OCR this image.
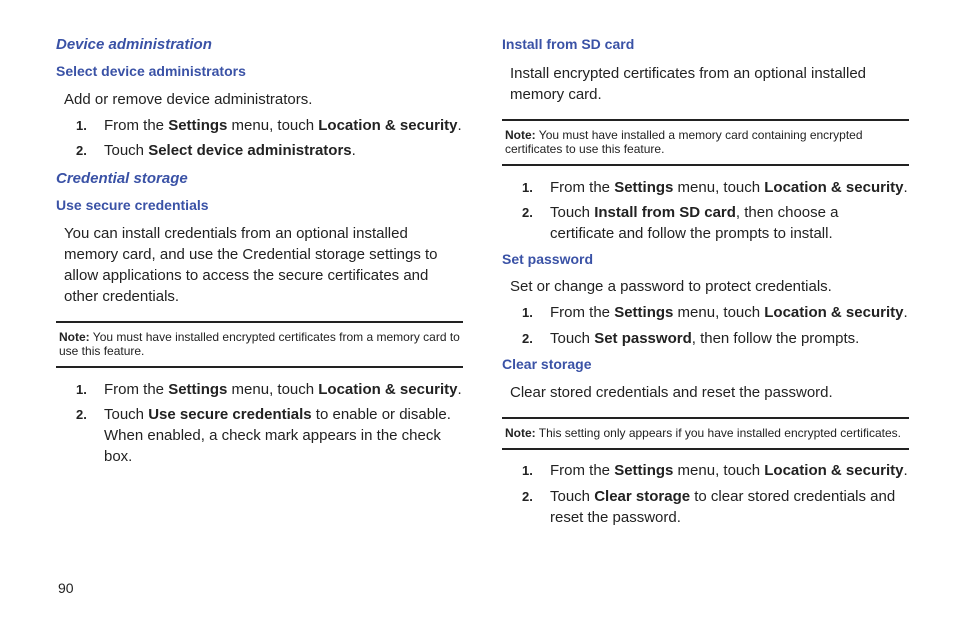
Device administration
Select device administrators
Add or remove device administrators.
1. From the Settings menu, touch Location & security.
2. Touch Select device administrators.
Credential storage
Use secure credentials
You can install credentials from an optional installed memory card, and use the Credential storage settings to allow applications to access the secure certificates and other credentials.
Note: You must have installed encrypted certificates from a memory card to use this feature.
1. From the Settings menu, touch Location & security.
2. Touch Use secure credentials to enable or disable. When enabled, a check mark appears in the check box.
Install from SD card
Install encrypted certificates from an optional installed memory card.
Note: You must have installed a memory card containing encrypted certificates to use this feature.
1. From the Settings menu, touch Location & security.
2. Touch Install from SD card, then choose a certificate and follow the prompts to install.
Set password
Set or change a password to protect credentials.
1. From the Settings menu, touch Location & security.
2. Touch Set password, then follow the prompts.
Clear storage
Clear stored credentials and reset the password.
Note: This setting only appears if you have installed encrypted certificates.
1. From the Settings menu, touch Location & security.
2. Touch Clear storage to clear stored credentials and reset the password.
90
